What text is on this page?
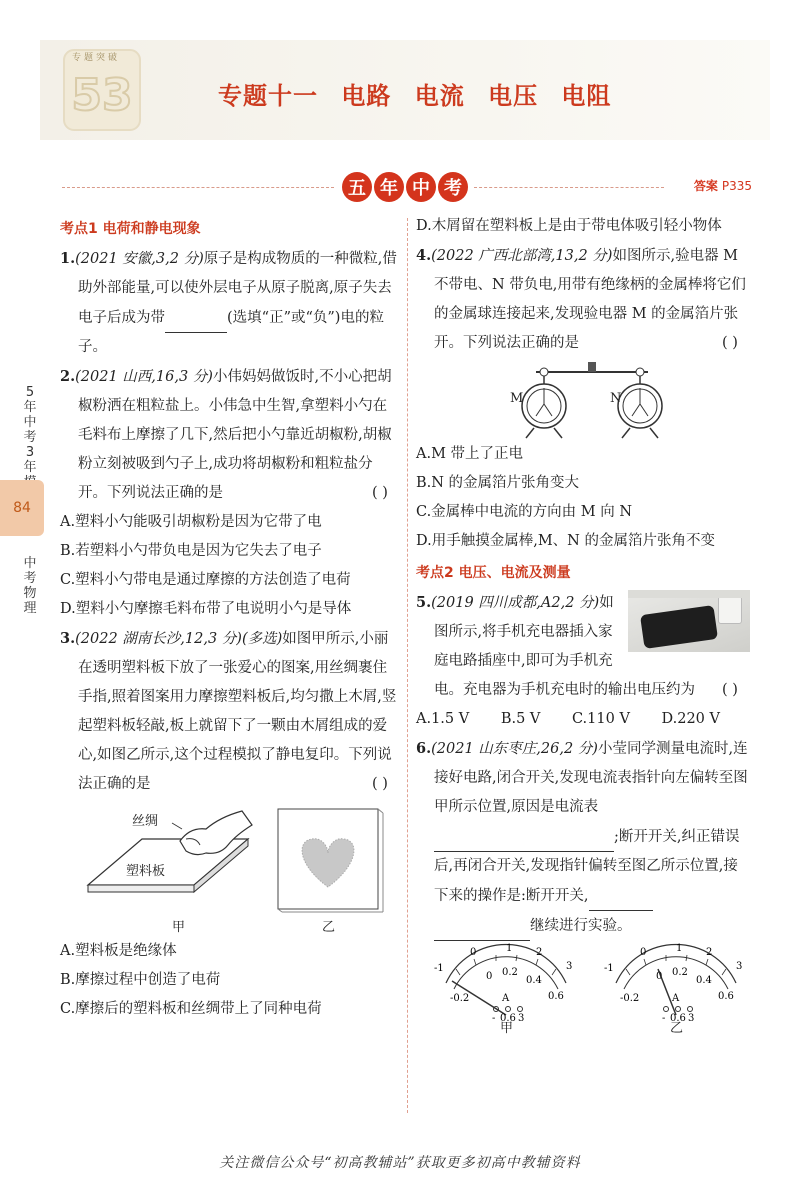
53
专题突破
专题十一 电路 电流 电压 电阻
五 年 中 考	答案 P335
5年中考3年
84
中考物理
考点1 电荷和静电现象

1.(2021 安徽,3,2 分)原子是构成物质的一种微粒,借助外部能量,可以使外层电子从原子脱离,原子失去电子后成为带	(选填“正”或“负”)电的粒子。

2.(2021 山西,16,3 分)小伟妈妈做饭时,不小心把胡椒粉洒在粗粒盐上。小伟急中生智,拿塑料小勺在毛料布上摩擦了几下,然后把小勺靠近胡椒粉,胡椒粉立刻被吸到勺子上,成功将胡椒粉和粗粒盐分开。下列说法正确的是	( )

A.塑料小勺能吸引胡椒粉是因为它带了电

B.若塑料小勺带负电是因为它失去了电子

C.塑料小勺带电是通过摩擦的方法创造了电荷

D.塑料小勺摩擦毛料布带了电说明小勺是导体

3.(2022 湖南长沙,12,3 分)(多选)如图甲所示,小丽在透明塑料板下放了一张爱心的图案,用丝绸裹住手指,照着图案用力摩擦塑料板后,均匀撒上木屑,竖起塑料板轻敲,板上就留下了一颗由木屑组成的爱心,如图乙所示,这个过程模拟了静电复印。下列说法正确的是	( )

丝绸
塑料板
甲	乙

A.塑料板是绝缘体

B.摩擦过程中创造了电荷

C.摩擦后的塑料板和丝绸带上了同种电荷

D.木屑留在塑料板上是由于带电体吸引轻小物体

4.(2022 广西北部湾,13,2 分)如图所示,验电器 M 不带电、N 带负电,用带有绝缘柄的金属棒将它们的金属球连接起来,发现验电器 M 的金属箔片张开。下列说法正确的是	( )

M	N

A.M 带上了正电

B.N 的金属箔片张角变大

C.金属棒中电流的方向由 M 向 N

D.用手触摸金属棒,M、N 的金属箔片张角不变

考点2 电压、电流及测量

5.(2019 四川成都,A2,2 分)如图所示,将手机充电器插入家庭电路插座中,即可为手机充电。充电器为手机充电时的输出电压约为 ( )

A.1.5 V B.5 V C.110 V D.220 V

6.(2021 山东枣庄,26,2 分)小莹同学测量电流时,连接好电路,闭合开关,发现电流表指针向左偏转至图甲所示位置,原因是电流表
;断开开关,纠正错误后,再闭合开关,发现指针偏转至图乙所示位置,接下来的操作是:断开开关,
继续进行实验。

-1
0	1 2
3
-0.2
0 0.2
0.4
0.6
A
- 0.6 3
-1
0	1 2
3
-0.2
0 0.2
0.4
0.6
A
- 0.6 3
甲	乙
关注微信公众号“初高教辅站”获取更多初高中教辅资料
